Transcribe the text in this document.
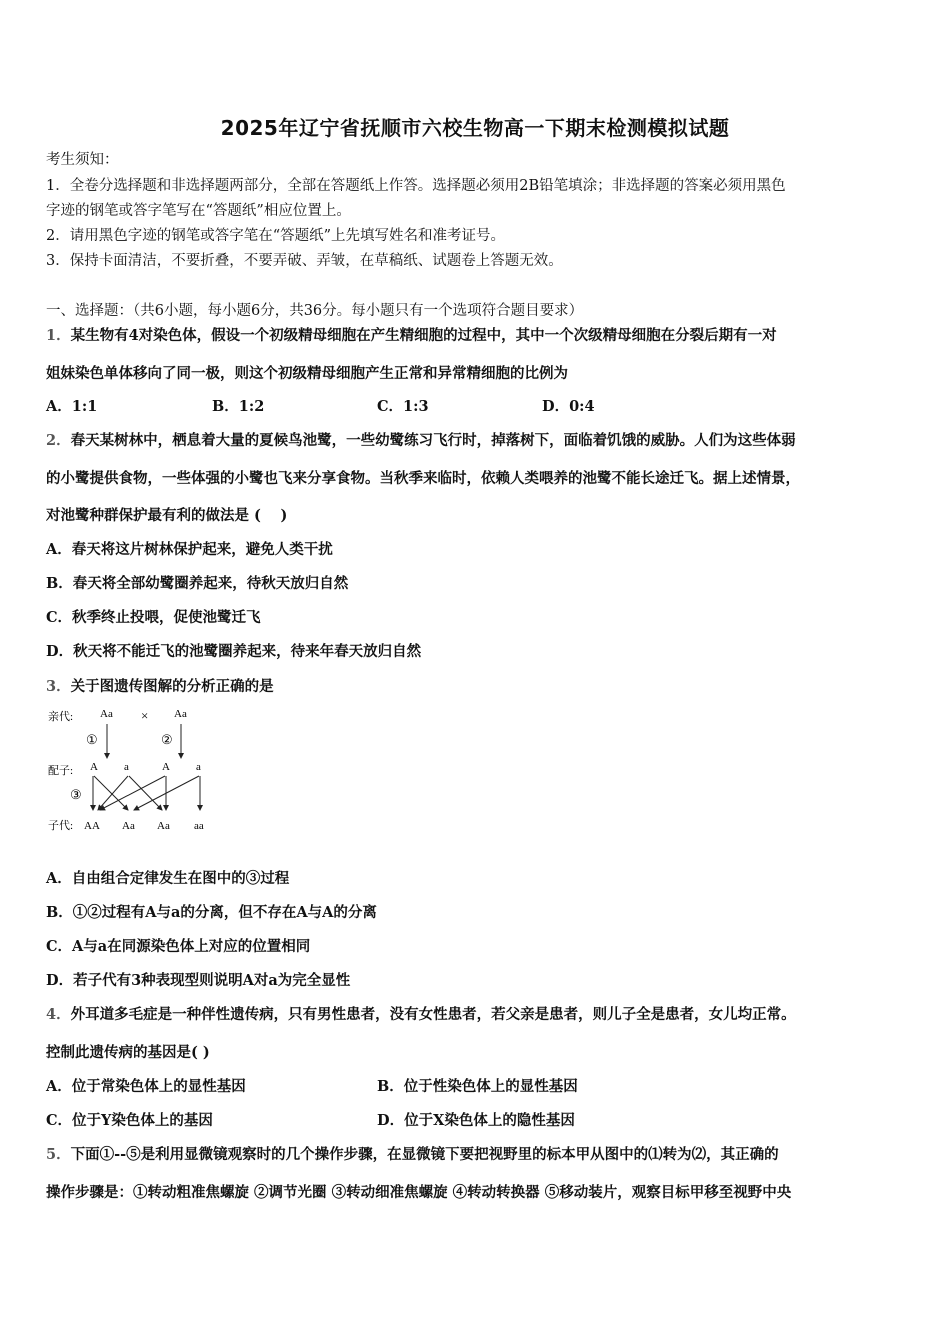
2025年辽宁省抚顺市六校生物高一下期末检测模拟试题
考生须知：
1．全卷分选择题和非选择题两部分，全部在答题纸上作答。选择题必须用2B铅笔填涂；非选择题的答案必须用黑色
字迹的钢笔或答字笔写在“答题纸”相应位置上。
2．请用黑色字迹的钢笔或答字笔在“答题纸”上先填写姓名和准考证号。
3．保持卡面清洁，不要折叠，不要弄破、弄皱，在草稿纸、试题卷上答题无效。
一、选择题：（共6小题，每小题6分，共36分。每小题只有一个选项符合题目要求）
1．某生物有4对染色体，假设一个初级精母细胞在产生精细胞的过程中，其中一个次级精母细胞在分裂后期有一对
姐妹染色单体移向了同一极，则这个初级精母细胞产生正常和异常精细胞的比例为
A．1:1	B．1:2	C．1:3	D．0:4
2．春天某树林中，栖息着大量的夏候鸟池鹭，一些幼鹭练习飞行时，掉落树下，面临着饥饿的威胁。人们为这些体弱
的小鹭提供食物，一些体强的小鹭也飞来分享食物。当秋季来临时，依赖人类喂养的池鹭不能长途迁飞。据上述情景，
对池鹭种群保护最有利的做法是 (　 )
A．春天将这片树林保护起来，避免人类干扰
B．春天将全部幼鹭圈养起来，待秋天放归自然
C．秋季终止投喂，促使池鹭迁飞
D．秋天将不能迁飞的池鹭圈养起来，待来年春天放归自然
3．关于图遗传图解的分析正确的是
亲代: Aa × Aa
①	②
配子: A a	A a
③
子代: AA Aa Aa aa
A．自由组合定律发生在图中的③过程
B．①②过程有A与a的分离，但不存在A与A的分离
C．A与a在同源染色体上对应的位置相同
D．若子代有3种表现型则说明A对a为完全显性
4．外耳道多毛症是一种伴性遗传病，只有男性患者，没有女性患者，若父亲是患者，则儿子全是患者，女儿均正常。
控制此遗传病的基因是( )
A．位于常染色体上的显性基因	B．位于性染色体上的显性基因
C．位于Y染色体上的基因	D．位于X染色体上的隐性基因
5．下面①--⑤是利用显微镜观察时的几个操作步骤，在显微镜下要把视野里的标本甲从图中的⑴转为⑵，其正确的
操作步骤是：①转动粗准焦螺旋 ②调节光圈 ③转动细准焦螺旋 ④转动转换器 ⑤移动装片，观察目标甲移至视野中央
